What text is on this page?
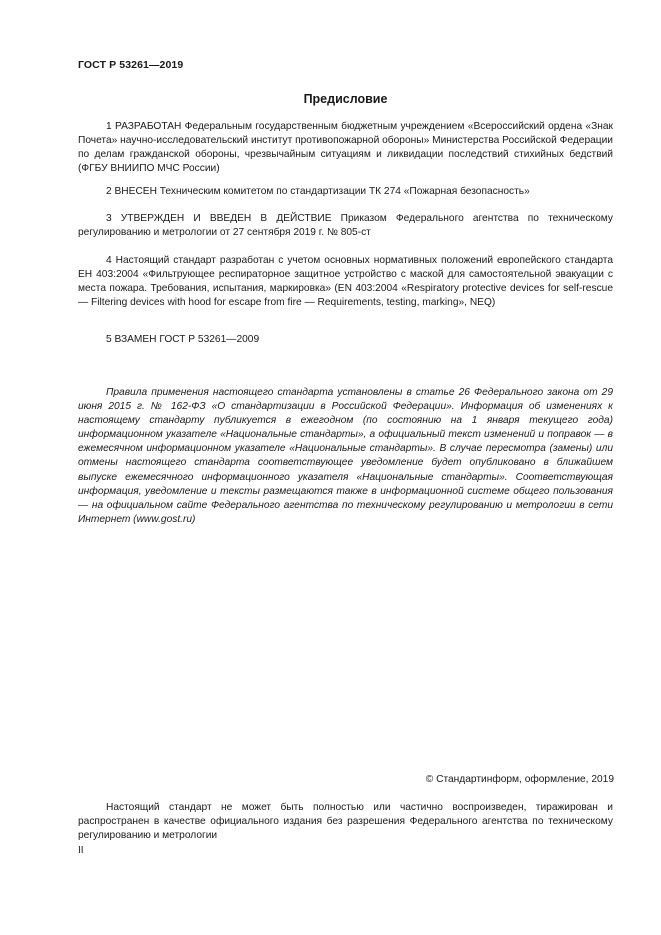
ГОСТ Р 53261—2019
Предисловие

1 РАЗРАБОТАН Федеральным государственным бюджетным учреждением «Всероссийский ордена «Знак Почета» научно-исследовательский институт противопожарной обороны» Министерства Российской Федерации по делам гражданской обороны, чрезвычайным ситуациям и ликвидации последствий стихийных бедствий (ФГБУ ВНИИПО МЧС России)

2 ВНЕСЕН Техническим комитетом по стандартизации ТК 274 «Пожарная безопасность»

3 УТВЕРЖДЕН И ВВЕДЕН В ДЕЙСТВИЕ Приказом Федерального агентства по техническому регулированию и метрологии от 27 сентября 2019 г. № 805-ст

4 Настоящий стандарт разработан с учетом основных нормативных положений европейского стандарта ЕН 403:2004 «Фильтрующее респираторное защитное устройство с маской для самостоятельной эвакуации с места пожара. Требования, испытания, маркировка» (EN 403:2004 «Respiratory protective devices for self-rescue — Filtering devices with hood for escape from fire — Requirements, testing, marking», NEQ)

5 ВЗАМЕН ГОСТ Р 53261—2009

Правила применения настоящего стандарта установлены в статье 26 Федерального закона от 29 июня 2015 г. № 162-ФЗ «О стандартизации в Российской Федерации». Информация об изменениях к настоящему стандарту публикуется в ежегодном (по состоянию на 1 января текущего года) информационном указателе «Национальные стандарты», а официальный текст изменений и поправок — в ежемесячном информационном указателе «Национальные стандарты». В случае пересмотра (замены) или отмены настоящего стандарта соответствующее уведомление будет опубликовано в ближайшем выпуске ежемесячного информационного указателя «Национальные стандарты». Соответствующая информация, уведомление и тексты размещаются также в информационной системе общего пользования — на официальном сайте Федерального агентства по техническому регулированию и метрологии в сети Интернет (www.gost.ru)

© Стандартинформ, оформление, 2019

Настоящий стандарт не может быть полностью или частично воспроизведен, тиражирован и распространен в качестве официального издания без разрешения Федерального агентства по техническому регулированию и метрологии

II
